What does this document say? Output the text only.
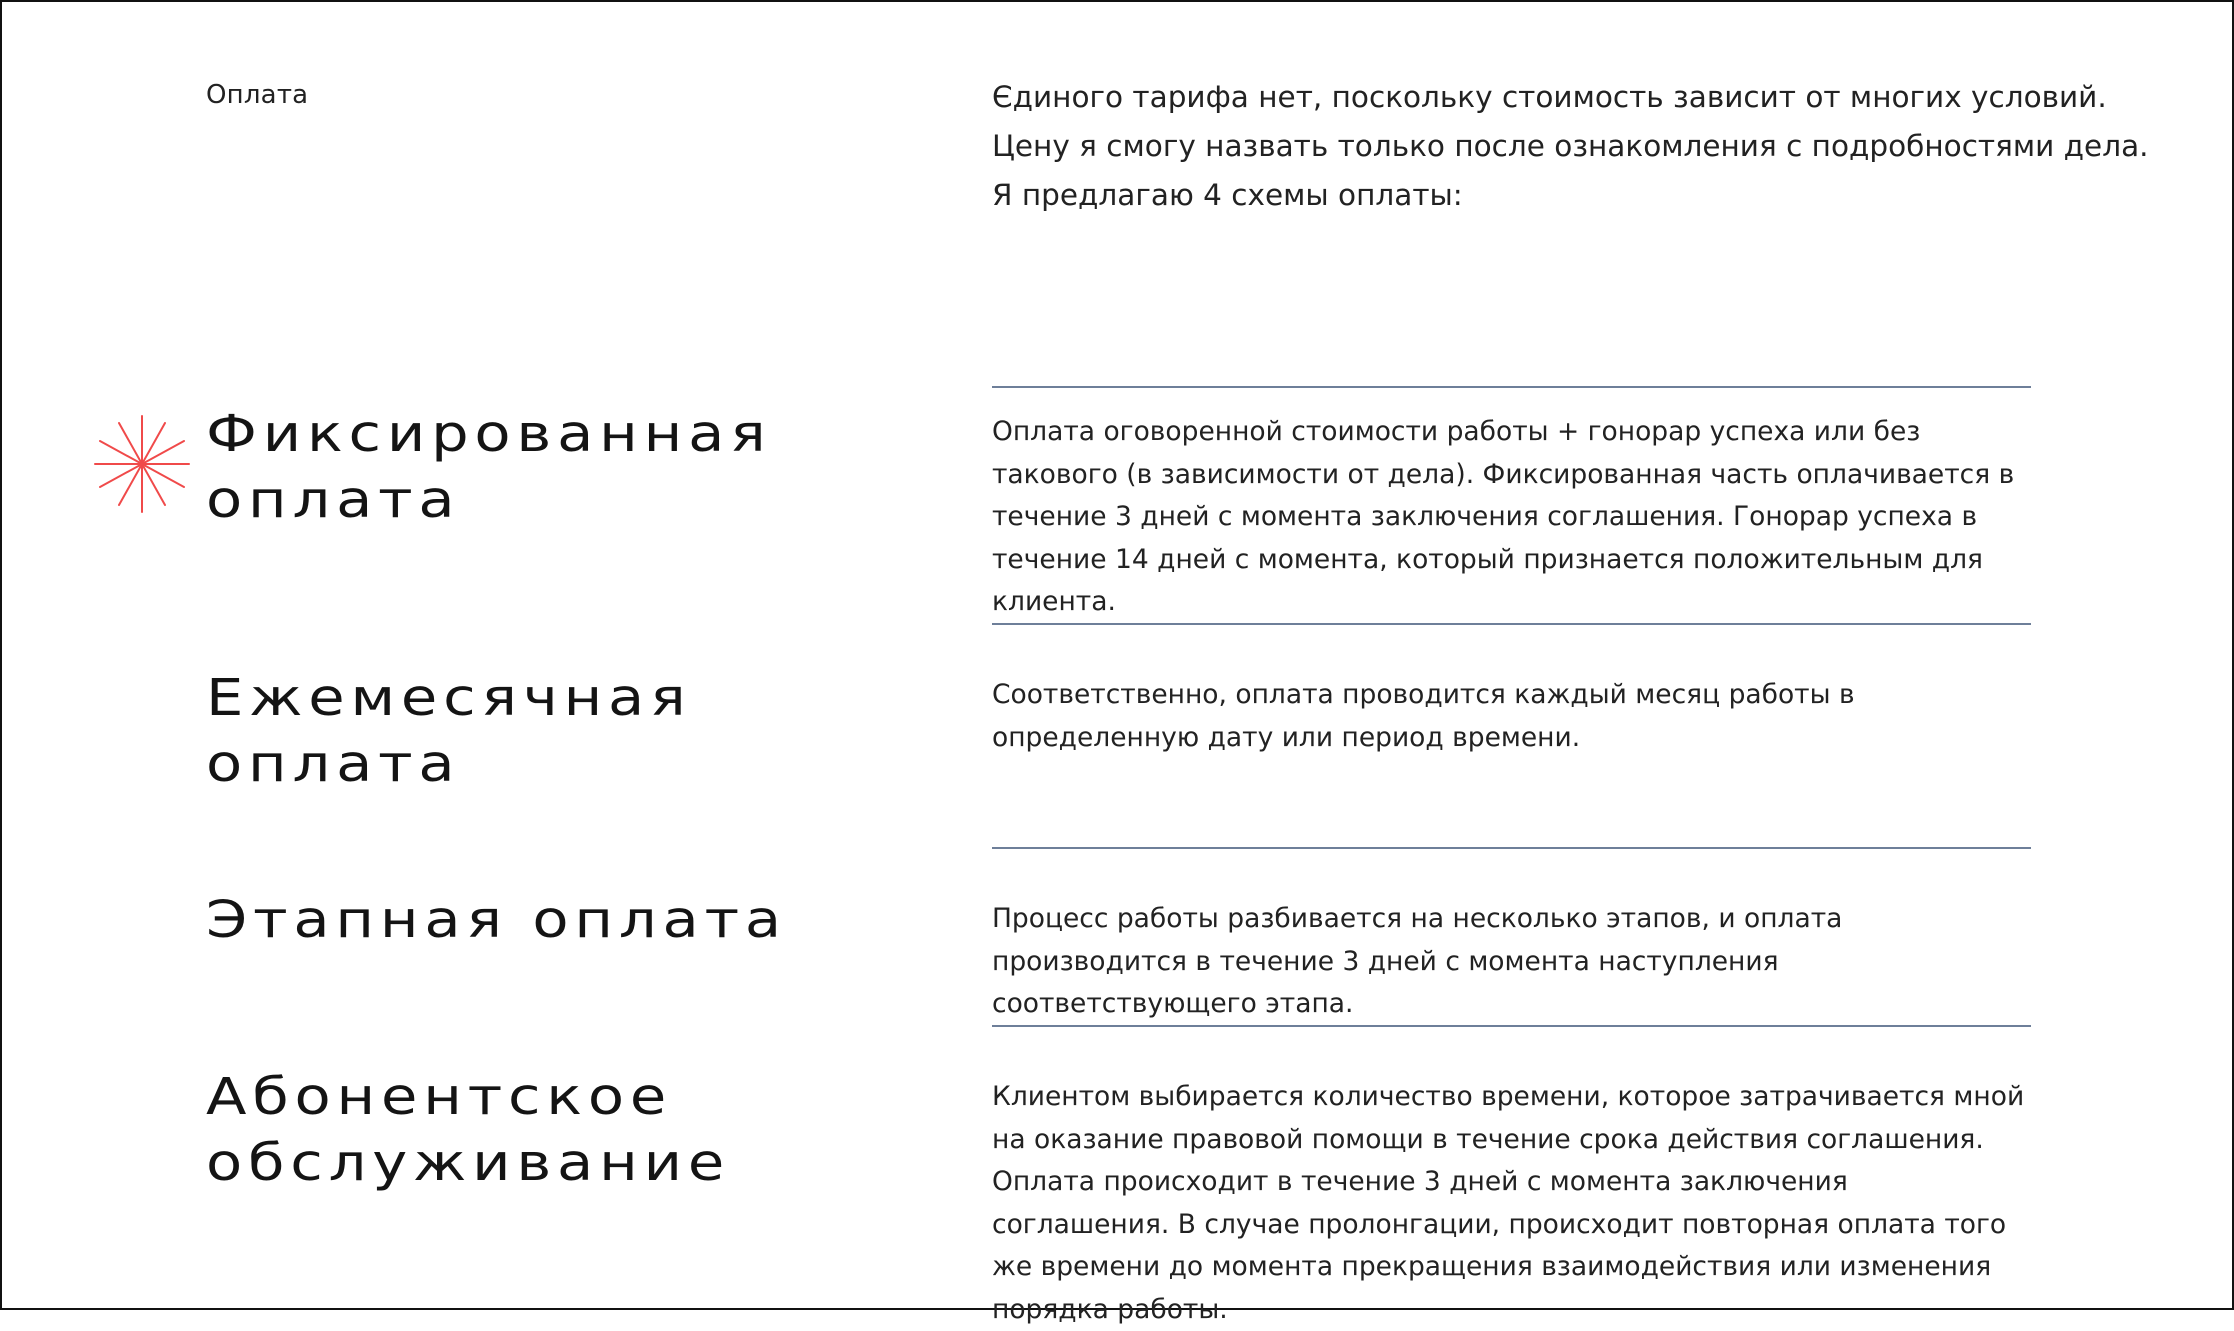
Оплата	Єдиного тарифа нет, поскольку стоимость зависит от многих условий.

Цену я смогу назвать только после ознакомления с подробностями дела.

Я предлагаю 4 схемы оплаты:

Фиксированная
оплата
Оплата оговоренной стоимости работы + гонорар успеха или без такового (в зависимости от дела). Фиксированная часть оплачивается в течение 3 дней с момента заключения соглашения. Гонорар успеха в течение 14 дней с момента, который признается положительным для клиента.
Ежемесячная
оплата
Соответственно, оплата проводится каждый месяц работы в определенную дату или период времени.
Этапная оплата	Процесс работы разбивается на несколько этапов, и оплата производится в течение 3 дней с момента наступления соответствующего этапа.
Абонентское
обслуживание
Клиентом выбирается количество времени, которое затрачивается мной на оказание правовой помощи в течение срока действия соглашения. Оплата происходит в течение 3 дней с момента заключения соглашения. В случае пролонгации, происходит повторная оплата того же времени до момента прекращения взаимодействия или изменения порядка работы.
